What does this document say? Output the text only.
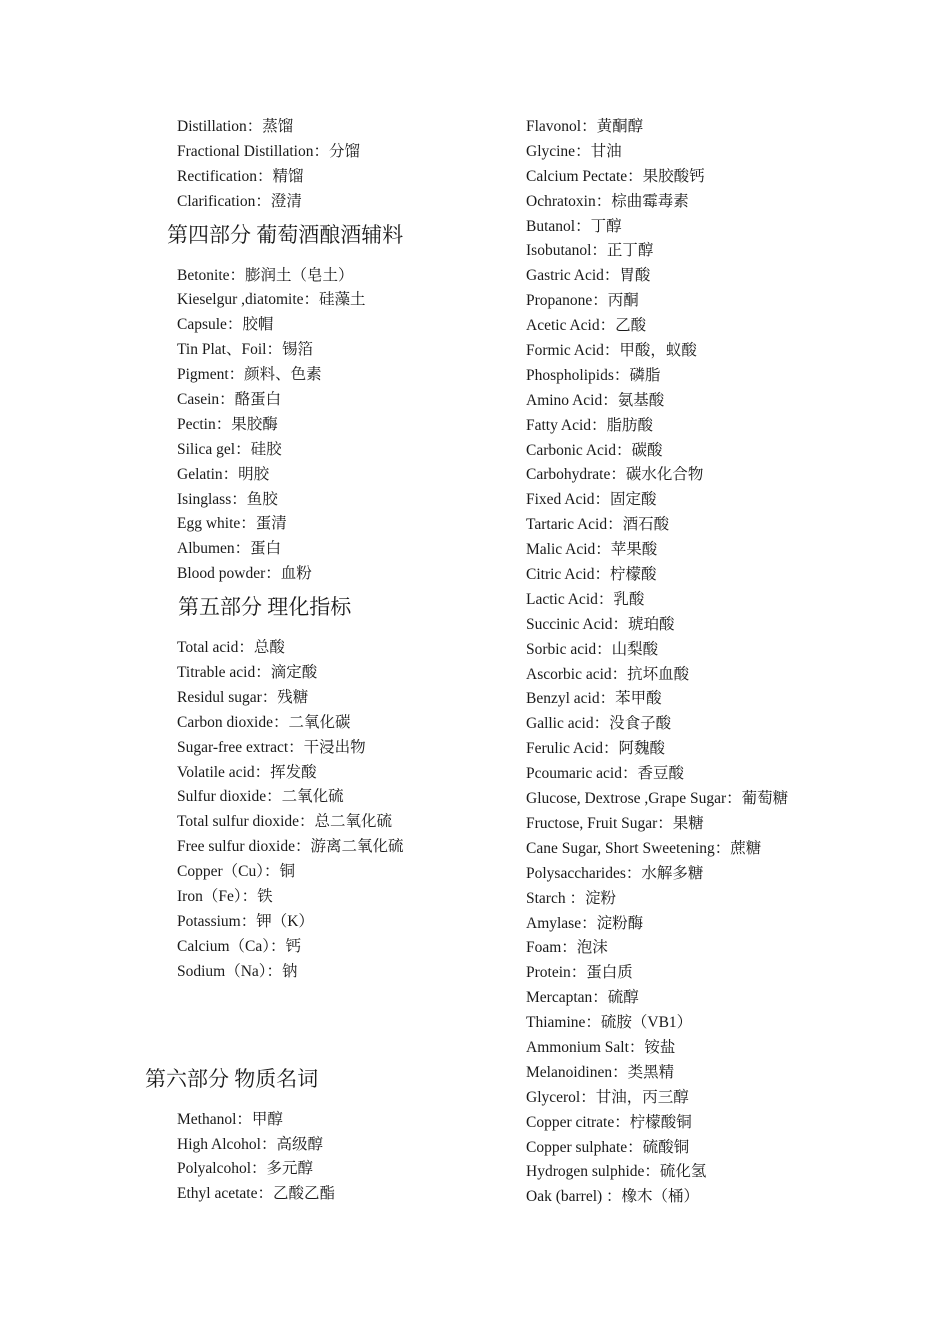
Distillation：蒸馏
Fractional Distillation：分馏
Rectification：精馏
Clarification：澄清
第四部分 葡萄酒酿酒辅料
Betonite：膨润土（皂土）
Kieselgur ,diatomite：硅藻土
Capsule：胶帽
Tin Plat、Foil：锡箔
Pigment：颜料、色素
Casein：酪蛋白
Pectin：果胶酶
Silica gel：硅胶
Gelatin：明胶
Isinglass：鱼胶
Egg white：蛋清
Albumen：蛋白
Blood powder：血粉
第五部分 理化指标
Total acid：总酸
Titrable acid：滴定酸
Residul sugar：残糖
Carbon dioxide：二氧化碳
Sugar-free extract：干浸出物
Volatile acid：挥发酸
Sulfur dioxide：二氧化硫
Total sulfur dioxide：总二氧化硫
Free sulfur dioxide：游离二氧化硫
Copper（Cu）：铜
Iron（Fe）：铁
Potassium：钾（K）
Calcium（Ca）：钙
Sodium（Na）：钠
第六部分 物质名词
Methanol：甲醇
High Alcohol：高级醇
Polyalcohol：多元醇
Ethyl acetate：乙酸乙酯
Flavonol：黄酮醇
Glycine：甘油
Calcium Pectate：果胶酸钙
Ochratoxin：棕曲霉毒素
Butanol：丁醇
Isobutanol：正丁醇
Gastric Acid：胃酸
Propanone：丙酮
Acetic Acid：乙酸
Formic Acid：甲酸，蚁酸
Phospholipids：磷脂
Amino Acid：氨基酸
Fatty Acid：脂肪酸
Carbonic Acid：碳酸
Carbohydrate：碳水化合物
Fixed Acid：固定酸
Tartaric Acid：酒石酸
Malic Acid：苹果酸
Citric Acid：柠檬酸
Lactic Acid：乳酸
Succinic Acid：琥珀酸
Sorbic acid：山梨酸
Ascorbic acid：抗坏血酸
Benzyl acid：苯甲酸
Gallic acid：没食子酸
Ferulic Acid：阿魏酸
Pcoumaric acid：香豆酸
Glucose, Dextrose ,Grape Sugar：葡萄糖
Fructose, Fruit Sugar：果糖
Cane Sugar, Short Sweetening：蔗糖
Polysaccharides：水解多糖
Starch ：淀粉
Amylase：淀粉酶
Foam：泡沫
Protein：蛋白质
Mercaptan：硫醇
Thiamine：硫胺（VB1）
Ammonium Salt：铵盐
Melanoidinen：类黑精
Glycerol：甘油，丙三醇
Copper citrate：柠檬酸铜
Copper sulphate：硫酸铜
Hydrogen sulphide：硫化氢
Oak (barrel) ：橡木（桶）
